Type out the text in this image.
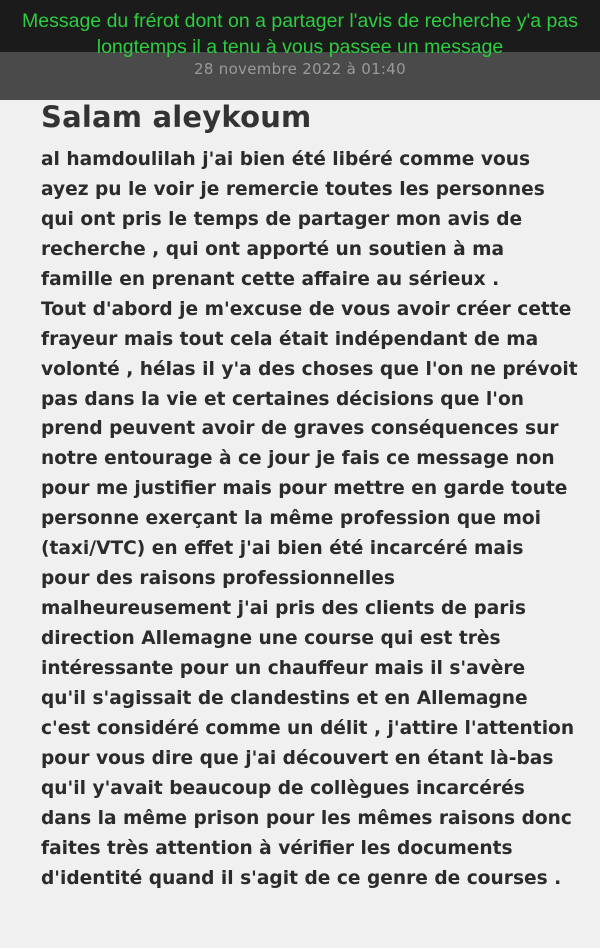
28 novembre 2022 à 01:40
Message du frérot dont on a partager l'avis de recherche y'a pas longtemps il a tenu à vous passee un message
Salam aleykoum
al hamdoulilah j'ai bien été libéré comme vous
ayez pu le voir je remercie toutes les personnes
qui ont pris le temps de partager mon avis de
recherche , qui ont apporté un soutien à ma
famille en prenant cette affaire au sérieux .
Tout d'abord je m'excuse de vous avoir créer cette
frayeur mais tout cela était indépendant de ma
volonté , hélas il y'a des choses que l'on ne prévoit
pas dans la vie et certaines décisions que l'on
prend peuvent avoir de graves conséquences sur
notre entourage à ce jour je fais ce message non
pour me justifier mais pour mettre en garde toute
personne exerçant la même profession que moi
(taxi/VTC) en effet j'ai bien été incarcéré mais
pour des raisons professionnelles
malheureusement j'ai pris des clients de paris
direction Allemagne une course qui est très
intéressante pour un chauffeur mais il s'avère
qu'il s'agissait de clandestins et en Allemagne
c'est considéré comme un délit , j'attire l'attention
pour vous dire que j'ai découvert en étant là-bas
qu'il y'avait beaucoup de collègues incarcérés
dans la même prison pour les mêmes raisons donc
faites très attention à vérifier les documents
d'identité quand il s'agit de ce genre de courses .
